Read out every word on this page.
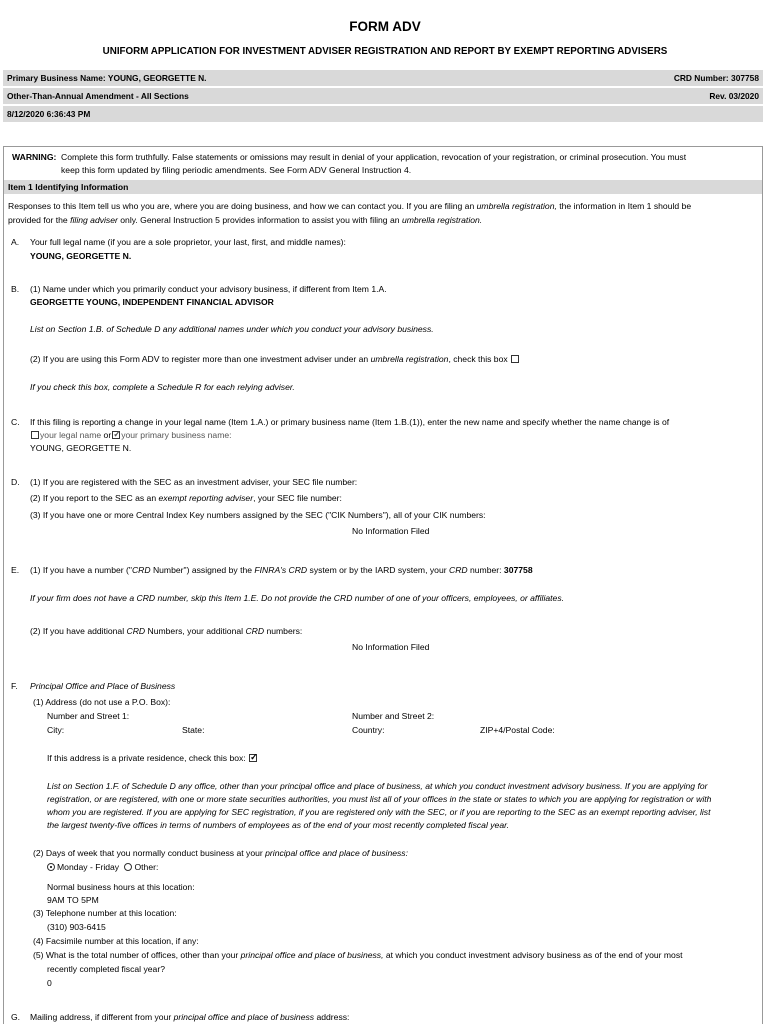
FORM ADV
UNIFORM APPLICATION FOR INVESTMENT ADVISER REGISTRATION AND REPORT BY EXEMPT REPORTING ADVISERS
Primary Business Name: YOUNG, GEORGETTE N.	CRD Number: 307758
Other-Than-Annual Amendment - All Sections	Rev. 03/2020
8/12/2020 6:36:43 PM
WARNING: Complete this form truthfully. False statements or omissions may result in denial of your application, revocation of your registration, or criminal prosecution. You must
keep this form updated by filing periodic amendments. See Form ADV General Instruction 4.
Item 1 Identifying Information
Responses to this Item tell us who you are, where you are doing business, and how we can contact you. If you are filing an umbrella registration, the information in Item 1 should be
provided for the filing adviser only. General Instruction 5 provides information to assist you with filing an umbrella registration.
A. Your full legal name (if you are a sole proprietor, your last, first, and middle names):
YOUNG, GEORGETTE N.
B. (1) Name under which you primarily conduct your advisory business, if different from Item 1.A.
GEORGETTE YOUNG, INDEPENDENT FINANCIAL ADVISOR
List on Section 1.B. of Schedule D any additional names under which you conduct your advisory business.
(2) If you are using this Form ADV to register more than one investment adviser under an umbrella registration, check this box
If you check this box, complete a Schedule R for each relying adviser.
C. If this filing is reporting a change in your legal name (Item 1.A.) or primary business name (Item 1.B.(1)), enter the new name and specify whether the name change is of
your legal name or✓ your primary business name:
YOUNG, GEORGETTE N.
D. (1) If you are registered with the SEC as an investment adviser, your SEC file number:
(2) If you report to the SEC as an exempt reporting adviser, your SEC file number:
(3) If you have one or more Central Index Key numbers assigned by the SEC ("CIK Numbers"), all of your CIK numbers:
No Information Filed
E. (1) If you have a number ("CRD Number") assigned by the FINRA's CRD system or by the IARD system, your CRD number: 307758
If your firm does not have a CRD number, skip this Item 1.E. Do not provide the CRD number of one of your officers, employees, or affiliates.
(2) If you have additional CRD Numbers, your additional CRD numbers:
No Information Filed
F. Principal Office and Place of Business
(1) Address (do not use a P.O. Box):
Number and Street 1:	Number and Street 2:
City:	State:	Country:	ZIP+4/Postal Code:
If this address is a private residence, check this box: ✓
List on Section 1.F. of Schedule D any office, other than your principal office and place of business, at which you conduct investment advisory business. If you are applying for
registration, or are registered, with one or more state securities authorities, you must list all of your offices in the state or states to which you are applying for registration or with
whom you are registered. If you are applying for SEC registration, if you are registered only with the SEC, or if you are reporting to the SEC as an exempt reporting adviser, list
the largest twenty-five offices in terms of numbers of employees as of the end of your most recently completed fiscal year.
(2) Days of week that you normally conduct business at your principal office and place of business:
Monday - Friday Other:
Normal business hours at this location:
9AM TO 5PM
(3) Telephone number at this location:
(310) 903-6415
(4) Facsimile number at this location, if any:
(5) What is the total number of offices, other than your principal office and place of business, at which you conduct investment advisory business as of the end of your most
recently completed fiscal year?
0
G. Mailing address, if different from your principal office and place of business address:
